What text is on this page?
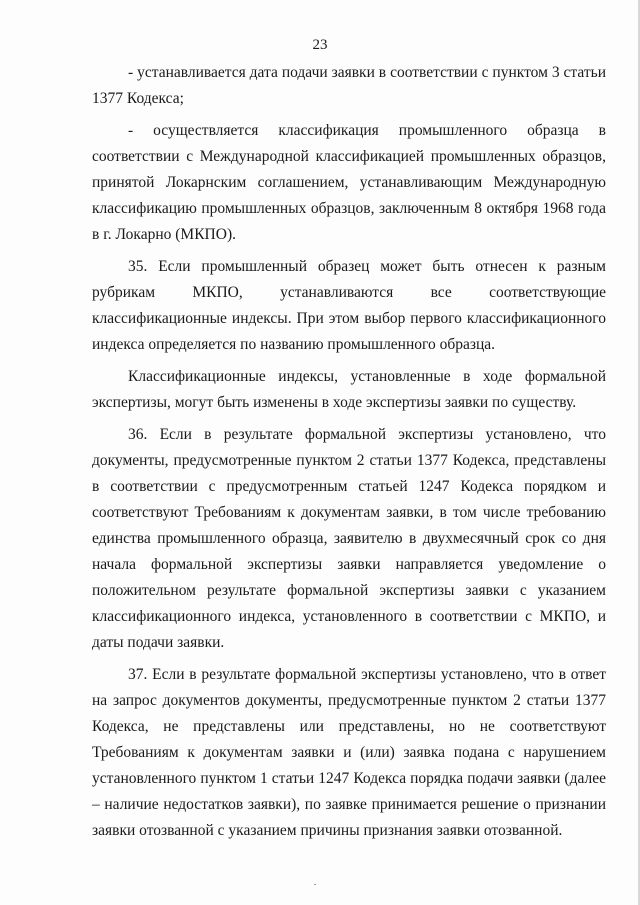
23

- устанавливается дата подачи заявки в соответствии с пунктом 3 статьи 1377 Кодекса;

- осуществляется классификация промышленного образца в соответствии с Международной классификацией промышленных образцов, принятой Локарнским соглашением, устанавливающим Международную классификацию промышленных образцов, заключенным 8 октября 1968 года в г. Локарно (МКПО).

35. Если промышленный образец может быть отнесен к разным рубрикам МКПО, устанавливаются все соответствующие классификационные индексы. При этом выбор первого классификационного индекса определяется по названию промышленного образца.

Классификационные индексы, установленные в ходе формальной экспертизы, могут быть изменены в ходе экспертизы заявки по существу.

36. Если в результате формальной экспертизы установлено, что документы, предусмотренные пунктом 2 статьи 1377 Кодекса, представлены в соответствии с предусмотренным статьей 1247 Кодекса порядком и соответствуют Требованиям к документам заявки, в том числе требованию единства промышленного образца, заявителю в двухмесячный срок со дня начала формальной экспертизы заявки направляется уведомление о положительном результате формальной экспертизы заявки с указанием классификационного индекса, установленного в соответствии с МКПО, и даты подачи заявки.

37. Если в результате формальной экспертизы установлено, что в ответ на запрос документов документы, предусмотренные пунктом 2 статьи 1377 Кодекса, не представлены или представлены, но не соответствуют Требованиям к документам заявки и (или) заявка подана с нарушением установленного пунктом 1 статьи 1247 Кодекса порядка подачи заявки (далее – наличие недостатков заявки), по заявке принимается решение о признании заявки отозванной с указанием причины признания заявки отозванной.
